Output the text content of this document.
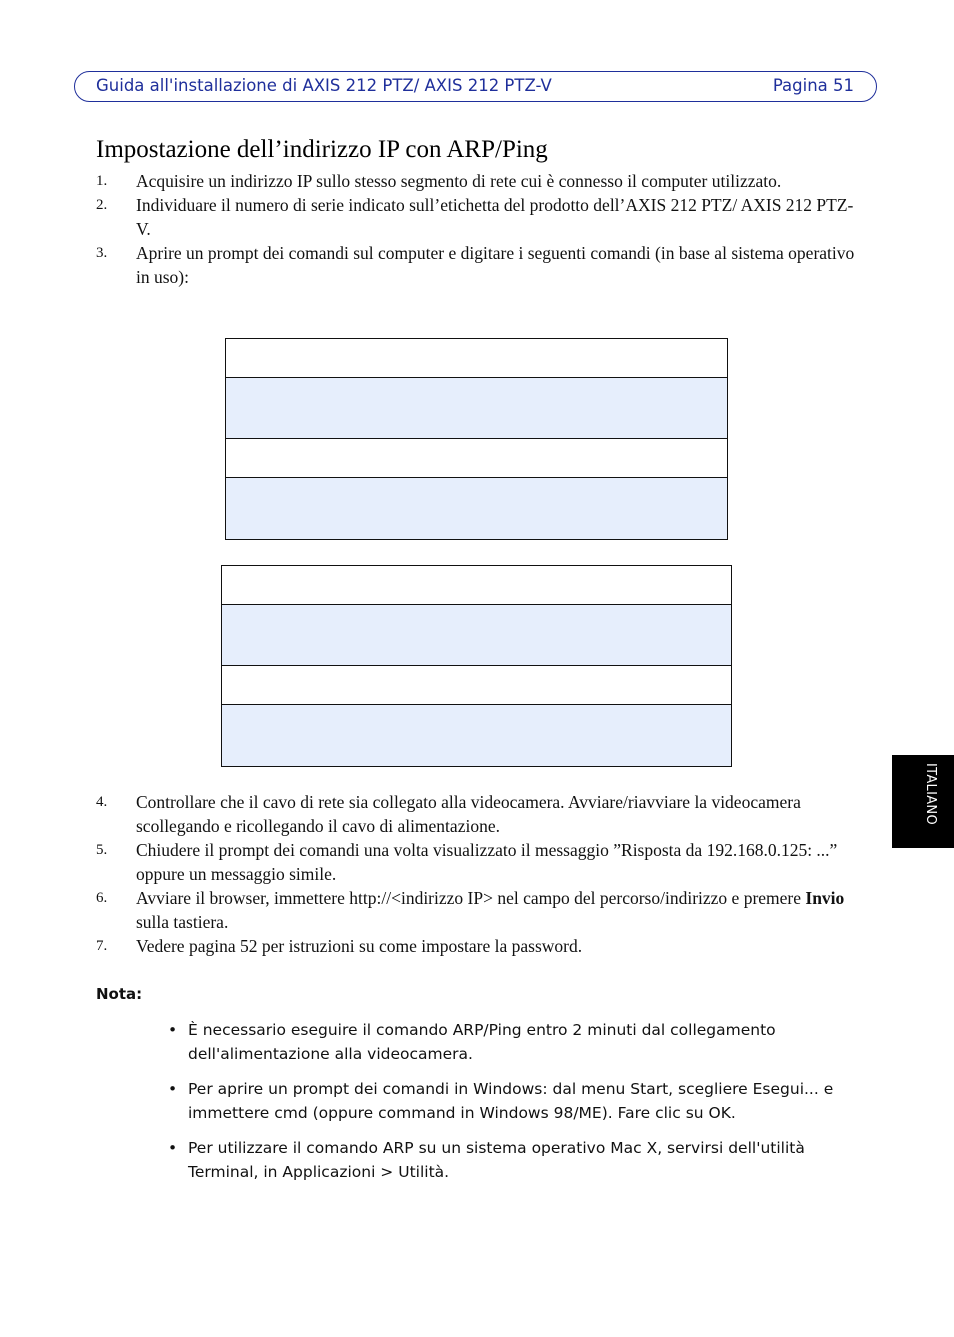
Guida all'installazione di AXIS 212 PTZ/ AXIS 212 PTZ-V	Pagina 51
ITALIANO
Impostazione dell’indirizzo IP con ARP/Ping
1. Acquisire un indirizzo IP sullo stesso segmento di rete cui è connesso il computer utilizzato.
2. Individuare il numero di serie indicato sull’etichetta del prodotto dell’AXIS 212 PTZ/ AXIS 212 PTZ-V.
3. Aprire un prompt dei comandi sul computer e digitare i seguenti comandi (in base al sistema operativo in uso):
4. Controllare che il cavo di rete sia collegato alla videocamera. Avviare/riavviare la videocamera scollegando e ricollegando il cavo di alimentazione.
5. Chiudere il prompt dei comandi una volta visualizzato il messaggio ”Risposta da 192.168.0.125: ...” oppure un messaggio simile.
6. Avviare il browser, immettere http://<indirizzo IP> nel campo del percorso/indirizzo e premere Invio sulla tastiera.
7. Vedere pagina 52 per istruzioni su come impostare la password.
Nota:
• È necessario eseguire il comando ARP/Ping entro 2 minuti dal collegamento dell'alimentazione alla videocamera.
• Per aprire un prompt dei comandi in Windows: dal menu Start, scegliere Esegui... e immettere cmd (oppure command in Windows 98/ME). Fare clic su OK.
• Per utilizzare il comando ARP su un sistema operativo Mac X, servirsi dell'utilità Terminal, in Applicazioni > Utilità.
